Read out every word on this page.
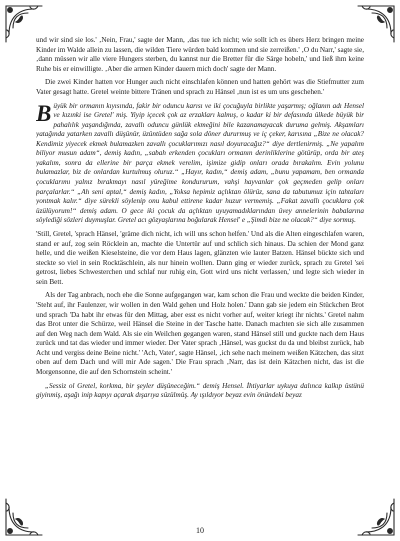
und wir sind sie los.' ‚Nein, Frau,' sagte der Mann, ‚das tue ich nicht; wie sollt ich es übers Herz bringen meine Kinder im Walde allein zu lassen, die wilden Tiere würden bald kommen und sie zerreißen.' ‚O du Narr,' sagte sie, ‚dann müssen wir alle viere Hungers sterben, du kannst nur die Bretter für die Särge hobeln,' und ließ ihm keine Ruhe bis er einwilligte. ‚Aber die armen Kinder dauern mich doch' sagte der Mann.

Die zwei Kinder hatten vor Hunger auch nicht einschlafen können und hatten gehört was die Stiefmutter zum Vater gesagt hatte. Gretel weinte bittere Tränen und sprach zu Hänsel ‚nun ist es um uns geschehen.'

Büyük bir ormanın kıyısında, fakir bir oduncu karısı ve iki çocuğuyla birlikte yaşarmış; oğlanın adı Hensel ve kızınki ise Gretel' miş. Yiyip içecek çok az erzakları kalmış, o kadar ki bir defasında ülkede büyük bir pahalılık yaşandığında, zavallı oduncu günlük ekmeğini bile kazanamayacak duruma gelmiş. Akşamları yatağında yatarken zavallı düşünür, üzüntüden sağa sola döner dururmuş ve iç çeker, karısına „Bize ne olacak? Kendimiz yiyecek ekmek bulamazken zavallı çocuklarımızı nasıl doyuracağız?“ diye dertlenirmiş. „Ne yapalım biliyor musun adam“, demiş kadın, „sabah erkenden çocukları ormanın derinliklerine götürüp, orda bir ateş yakalım, sonra da ellerine bir parça ekmek verelim, işimize gidip onları orada bırakalım. Evin yolunu bulamazlar, biz de onlardan kurtulmuş oluruz.“ „Hayır, kadın,“ demiş adam, „bunu yapamam, ben ormanda çocuklarımı yalnız bırakmayı nasıl yüreğime kondururum, vahşi hayvanlar çok geçmeden gelip onları parçalarlar.“ „Ah seni aptal,“ demiş kadın, „Yoksa hepimiz açlıktan ölürüz, sana da tabutumuz için tahtaları yontmak kalır.“ diye sürekli söylenip onu kabul ettirene kadar huzur vermemiş. „Fakat zavallı çocuklara çok üzülüyorum!“ demiş adam. O gece iki çocuk da açlıktan uyuyamadıklarından üvey annelerinin babalarına söylediği sözleri duymuşlar. Gretel acı gözyaşlarına boğularak Hensel' e „Şimdi bize ne olacak?“ diye sormuş.

'Still, Gretel, 'sprach Hänsel, 'gräme dich nicht, ich will uns schon helfen.' Und als die Alten eingeschlafen waren, stand er auf, zog sein Röcklein an, machte die Untertür auf und schlich sich hinaus. Da schien der Mond ganz helle, und die weißen Kieselsteine, die vor dem Haus lagen, glänzten wie lauter Batzen. Hänsel bückte sich und steckte so viel in sein Rocktäschlein, als nur hinein wollten. Dann ging er wieder zurück, sprach zu Gretel 'sei getrost, liebes Schwesterchen und schlaf nur ruhig ein, Gott wird uns nicht verlassen,' und legte sich wieder in sein Bett.

Als der Tag anbrach, noch ehe die Sonne aufgegangen war, kam schon die Frau und weckte die beiden Kinder, 'Steht auf, ihr Faulenzer, wir wollen in den Wald gehen und Holz holen.' Dann gab sie jedem ein Stückchen Brot und sprach 'Da habt ihr etwas für den Mittag, aber esst es nicht vorher auf, weiter kriegt ihr nichts.' Gretel nahm das Brot unter die Schürze, weil Hänsel die Steine in der Tasche hatte. Danach machten sie sich alle zusammen auf den Weg nach dem Wald. Als sie ein Weilchen gegangen waren, stand Hänsel still und guckte nach dem Haus zurück und tat das wieder und immer wieder. Der Vater sprach ‚Hänsel, was guckst du da und bleibst zurück, hab Acht und vergiss deine Beine nicht.' 'Ach, Vater', sagte Hänsel, ‚ich sehe nach meinem weißen Kätzchen, das sitzt oben auf dem Dach und will mir Ade sagen.' Die Frau sprach ‚Narr, das ist dein Kätzchen nicht, das ist die Morgensonne, die auf den Schornstein scheint.'

„Sessiz ol Gretel, korkma, bir şeyler düşüneceğim.“ demiş Hensel. İhtiyarlar uykuya dalınca kalkıp üstünü giyinmiş, aşağı inip kapıyı açarak dışarıya süzülmüş. Ay ışıldıyor beyaz evin önündeki beyaz

10
